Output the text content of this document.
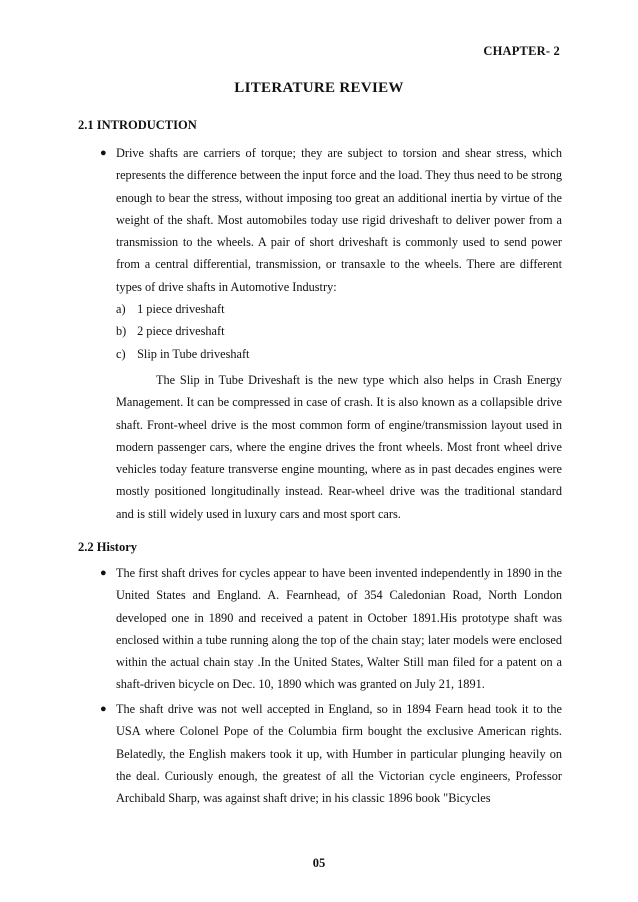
CHAPTER- 2
LITERATURE REVIEW
2.1 INTRODUCTION
● Drive shafts are carriers of torque; they are subject to torsion and shear stress, which represents the difference between the input force and the load. They thus need to be strong enough to bear the stress, without imposing too great an additional inertia by virtue of the weight of the shaft. Most automobiles today use rigid driveshaft to deliver power from a transmission to the wheels. A pair of short driveshaft is commonly used to send power from a central differential, transmission, or transaxle to the wheels. There are different types of drive shafts in Automotive Industry:
a) 1 piece driveshaft
b) 2 piece driveshaft
c) Slip in Tube driveshaft
The Slip in Tube Driveshaft is the new type which also helps in Crash Energy Management. It can be compressed in case of crash. It is also known as a collapsible drive shaft. Front-wheel drive is the most common form of engine/transmission layout used in modern passenger cars, where the engine drives the front wheels. Most front wheel drive vehicles today feature transverse engine mounting, where as in past decades engines were mostly positioned longitudinally instead. Rear-wheel drive was the traditional standard and is still widely used in luxury cars and most sport cars.
2.2 History
● The first shaft drives for cycles appear to have been invented independently in 1890 in the United States and England. A. Fearnhead, of 354 Caledonian Road, North London developed one in 1890 and received a patent in October 1891.His prototype shaft was enclosed within a tube running along the top of the chain stay; later models were enclosed within the actual chain stay .In the United States, Walter Still man filed for a patent on a shaft-driven bicycle on Dec. 10, 1890 which was granted on July 21, 1891.
● The shaft drive was not well accepted in England, so in 1894 Fearn head took it to the USA where Colonel Pope of the Columbia firm bought the exclusive American rights. Belatedly, the English makers took it up, with Humber in particular plunging heavily on the deal. Curiously enough, the greatest of all the Victorian cycle engineers, Professor Archibald Sharp, was against shaft drive; in his classic 1896 book "Bicycles
05
